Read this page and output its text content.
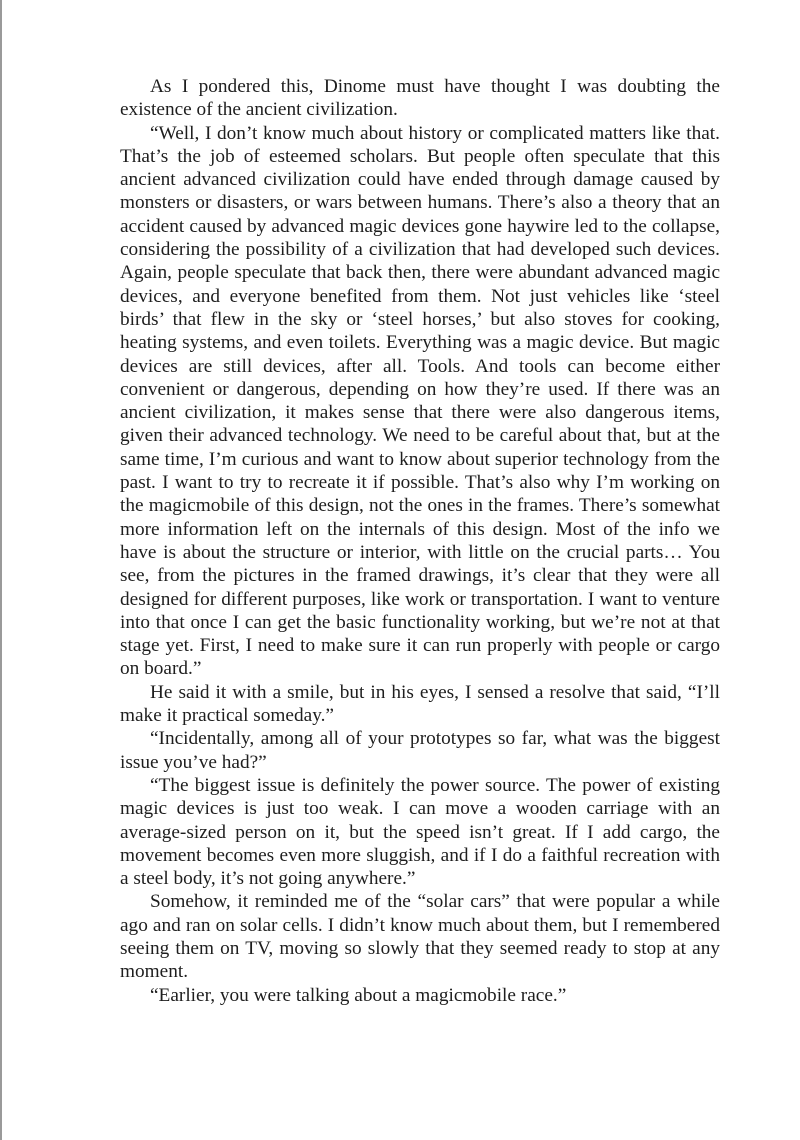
As I pondered this, Dinome must have thought I was doubting the existence of the ancient civilization.

“Well, I don’t know much about history or complicated matters like that. That’s the job of esteemed scholars. But people often speculate that this ancient advanced civilization could have ended through damage caused by monsters or disasters, or wars between humans. There’s also a theory that an accident caused by advanced magic devices gone haywire led to the collapse, considering the possibility of a civilization that had developed such devices. Again, people speculate that back then, there were abundant advanced magic devices, and everyone benefited from them. Not just vehicles like ‘steel birds’ that flew in the sky or ‘steel horses,’ but also stoves for cooking, heating systems, and even toilets. Everything was a magic device. But magic devices are still devices, after all. Tools. And tools can become either convenient or dangerous, depending on how they’re used. If there was an ancient civilization, it makes sense that there were also dangerous items, given their advanced technology. We need to be careful about that, but at the same time, I’m curious and want to know about superior technology from the past. I want to try to recreate it if possible. That’s also why I’m working on the magicmobile of this design, not the ones in the frames. There’s somewhat more information left on the internals of this design. Most of the info we have is about the structure or interior, with little on the crucial parts… You see, from the pictures in the framed drawings, it’s clear that they were all designed for different purposes, like work or transportation. I want to venture into that once I can get the basic functionality working, but we’re not at that stage yet. First, I need to make sure it can run properly with people or cargo on board.”

He said it with a smile, but in his eyes, I sensed a resolve that said, “I’ll make it practical someday.”

“Incidentally, among all of your prototypes so far, what was the biggest issue you’ve had?”

“The biggest issue is definitely the power source. The power of existing magic devices is just too weak. I can move a wooden carriage with an average-sized person on it, but the speed isn’t great. If I add cargo, the movement becomes even more sluggish, and if I do a faithful recreation with a steel body, it’s not going anywhere.”

Somehow, it reminded me of the “solar cars” that were popular a while ago and ran on solar cells. I didn’t know much about them, but I remembered seeing them on TV, moving so slowly that they seemed ready to stop at any moment.

“Earlier, you were talking about a magicmobile race.”
